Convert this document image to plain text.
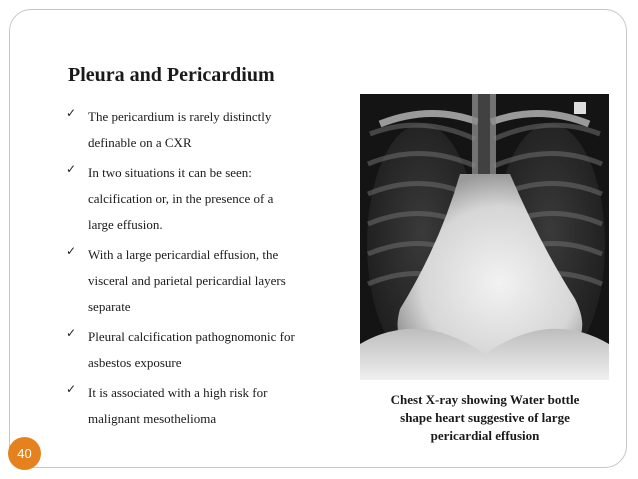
Pleura and Pericardium
✓ The pericardium is rarely distinctly
definable on a CXR
✓ In two situations it can be seen:
calcification or, in the presence of a
large effusion.
✓ With a large pericardial effusion, the
visceral and parietal pericardial layers
separate
✓ Pleural calcification pathognomonic for
asbestos exposure
✓ It is associated with a high risk for
malignant mesothelioma
Chest X-ray showing Water bottle
shape heart suggestive of large
pericardial effusion
40
